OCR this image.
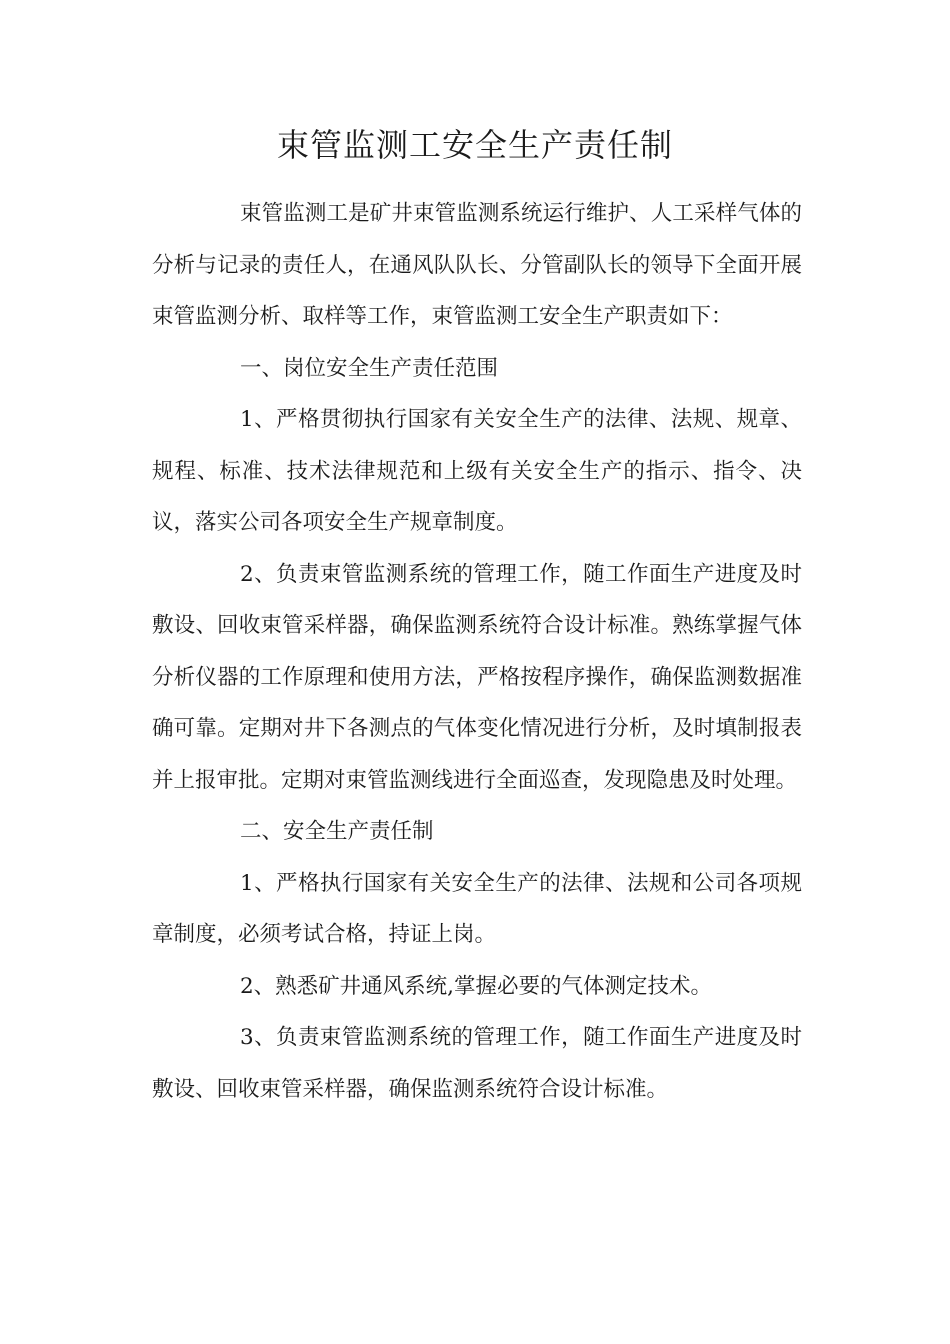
束管监测工安全生产责任制

束管监测工是矿井束管监测系统运行维护、人工采样气体的分析与记录的责任人，在通风队队长、分管副队长的领导下全面开展束管监测分析、取样等工作，束管监测工安全生产职责如下：

一、岗位安全生产责任范围

1、严格贯彻执行国家有关安全生产的法律、法规、规章、规程、标准、技术法律规范和上级有关安全生产的指示、指令、决议，落实公司各项安全生产规章制度。

2、负责束管监测系统的管理工作，随工作面生产进度及时敷设、回收束管采样器，确保监测系统符合设计标准。熟练掌握气体分析仪器的工作原理和使用方法，严格按程序操作，确保监测数据准确可靠。定期对井下各测点的气体变化情况进行分析，及时填制报表并上报审批。定期对束管监测线进行全面巡查，发现隐患及时处理。

二、安全生产责任制

1、严格执行国家有关安全生产的法律、法规和公司各项规章制度，必须考试合格，持证上岗。

2、熟悉矿井通风系统,掌握必要的气体测定技术。

3、负责束管监测系统的管理工作，随工作面生产进度及时敷设、回收束管采样器，确保监测系统符合设计标准。
